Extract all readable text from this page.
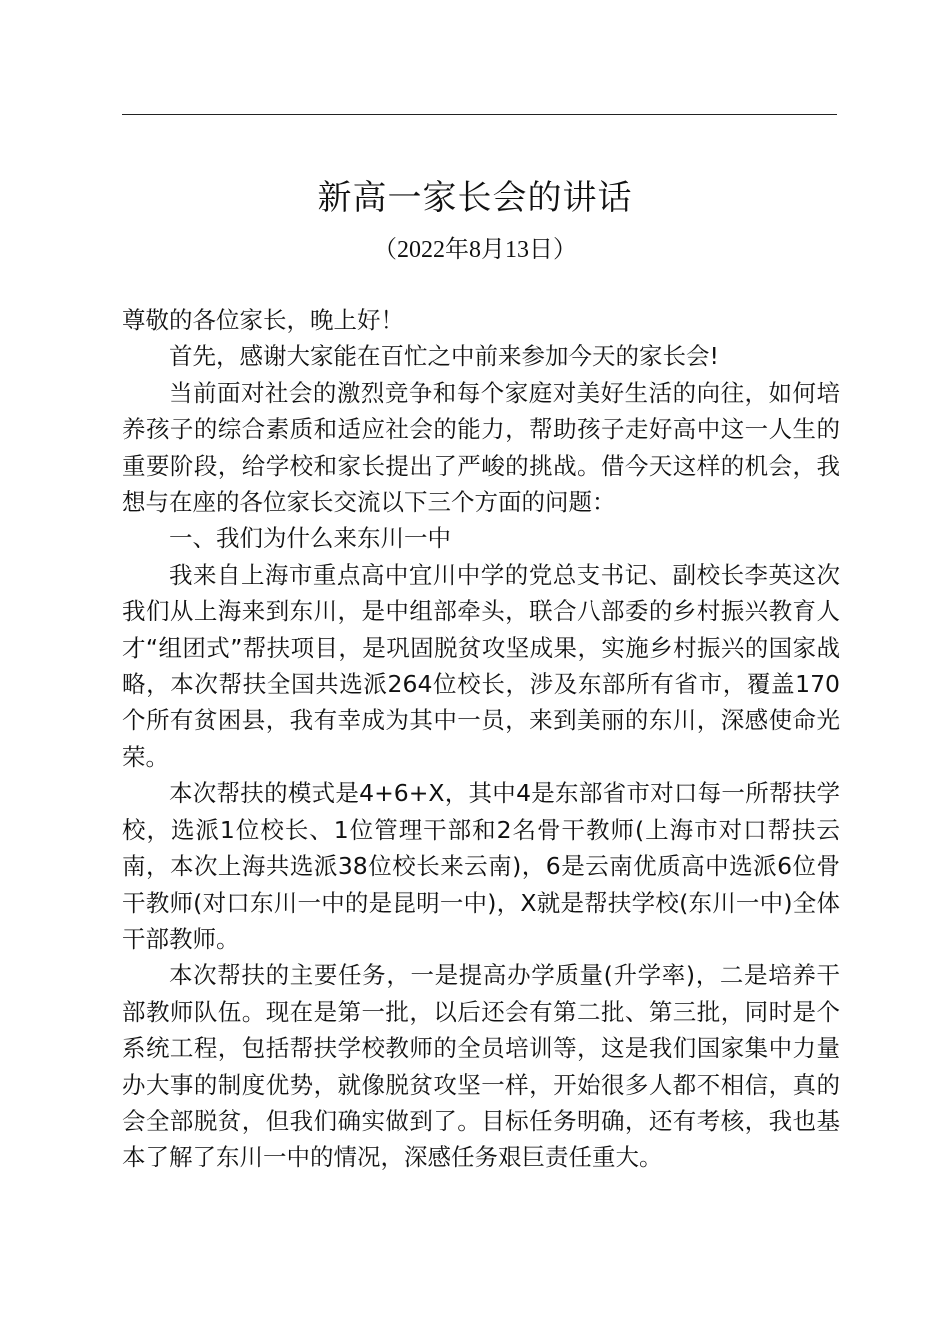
新高一家长会的讲话
（2022年8月13日）

尊敬的各位家长，晚上好！

首先，感谢大家能在百忙之中前来参加今天的家长会!

当前面对社会的激烈竞争和每个家庭对美好生活的向往，如何培养孩子的综合素质和适应社会的能力，帮助孩子走好高中这一人生的重要阶段，给学校和家长提出了严峻的挑战。借今天这样的机会，我想与在座的各位家长交流以下三个方面的问题：

一、我们为什么来东川一中

我来自上海市重点高中宜川中学的党总支书记、副校长李英这次我们从上海来到东川，是中组部牵头，联合八部委的乡村振兴教育人才“组团式”帮扶项目，是巩固脱贫攻坚成果，实施乡村振兴的国家战略，本次帮扶全国共选派264位校长，涉及东部所有省市，覆盖170个所有贫困县，我有幸成为其中一员，来到美丽的东川，深感使命光荣。

本次帮扶的模式是4+6+X，其中4是东部省市对口每一所帮扶学校，选派1位校长、1位管理干部和2名骨干教师(上海市对口帮扶云南，本次上海共选派38位校长来云南)，6是云南优质高中选派6位骨干教师(对口东川一中的是昆明一中)，X就是帮扶学校(东川一中)全体干部教师。

本次帮扶的主要任务，一是提高办学质量(升学率)，二是培养干部教师队伍。现在是第一批，以后还会有第二批、第三批，同时是个系统工程，包括帮扶学校教师的全员培训等，这是我们国家集中力量办大事的制度优势，就像脱贫攻坚一样，开始很多人都不相信，真的会全部脱贫，但我们确实做到了。目标任务明确，还有考核，我也基本了解了东川一中的情况，深感任务艰巨责任重大。
